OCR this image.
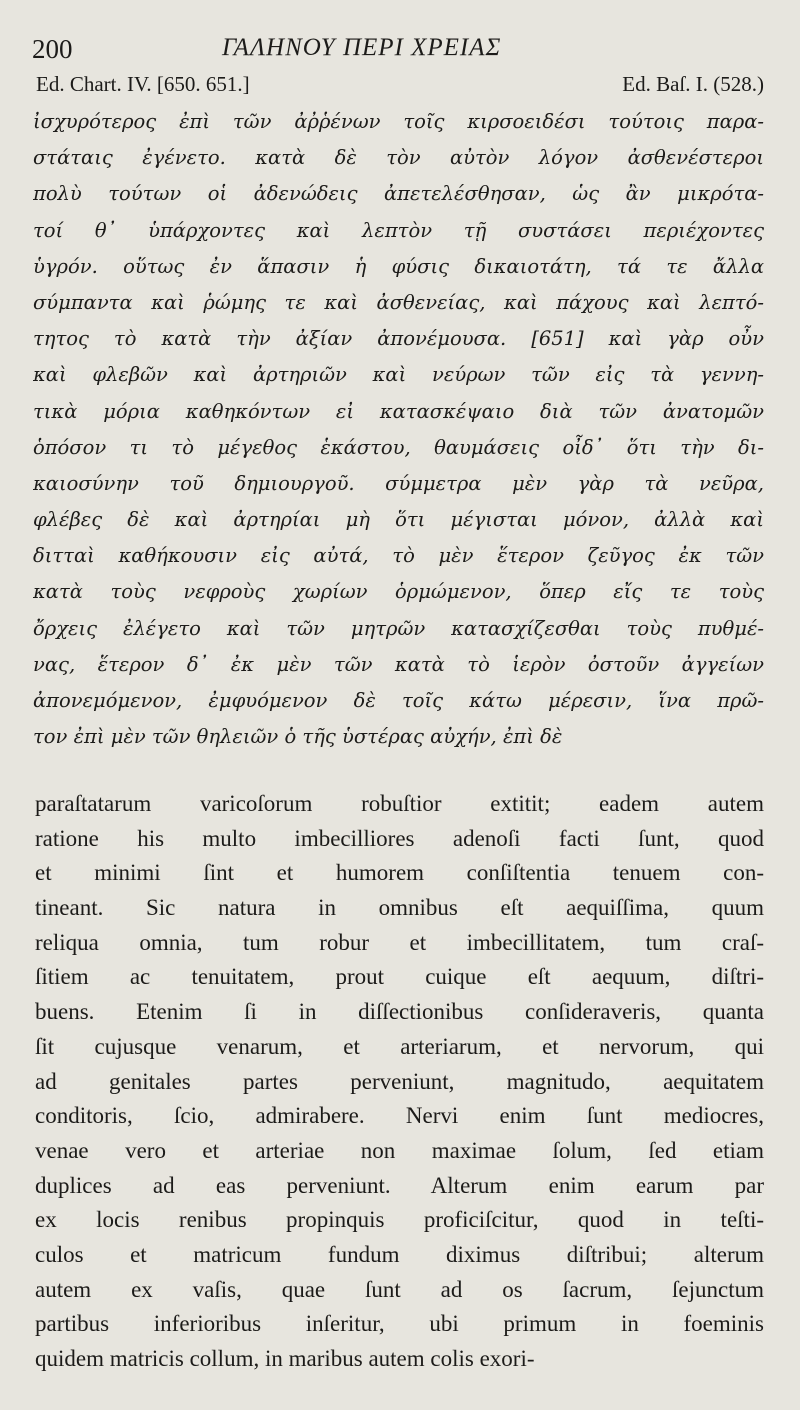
200	ΓΑΛΗΝΟΥ ΠΕΡΙ ΧΡΕΙΑΣ
Ed. Chart. IV. [650. 651.]	Ed. Baſ. I. (528.)
ἰσχυρότερος ἐπὶ τῶν ἀῤῥένων τοῖς κιρσοειδέσι τούτοις παρα-
στάταις ἐγένετο. κατὰ δὲ τὸν αὐτὸν λόγον ἀσθενέστεροι
πολὺ τούτων οἱ ἀδενώδεις ἀπετελέσθησαν, ὡς ἂν μικρότα-
τοί θ᾽ ὑπάρχοντες καὶ λεπτὸν τῇ συστάσει περιέχοντες
ὑγρόν. οὕτως ἐν ἅπασιν ἡ φύσις δικαιοτάτη, τά τε ἄλλα
σύμπαντα καὶ ῥώμης τε καὶ ἀσθενείας, καὶ πάχους καὶ λεπτό-
τητος τὸ κατὰ τὴν ἀξίαν ἀπονέμουσα. [651] καὶ γὰρ οὖν
καὶ φλεβῶν καὶ ἀρτηριῶν καὶ νεύρων τῶν εἰς τὰ γεννη-
τικὰ μόρια καθηκόντων εἰ κατασκέψαιο διὰ τῶν ἀνατομῶν
ὁπόσον τι τὸ μέγεθος ἑκάστου, θαυμάσεις οἶδ᾽ ὅτι τὴν δι-
καιοσύνην τοῦ δημιουργοῦ. σύμμετρα μὲν γὰρ τὰ νεῦρα,
φλέβες δὲ καὶ ἀρτηρίαι μὴ ὅτι μέγισται μόνον, ἀλλὰ καὶ
διτταὶ καθήκουσιν εἰς αὐτά, τὸ μὲν ἕτερον ζεῦγος ἐκ τῶν
κατὰ τοὺς νεφροὺς χωρίων ὁρμώμενον, ὅπερ εἴς τε τοὺς
ὄρχεις ἐλέγετο καὶ τῶν μητρῶν κατασχίζεσθαι τοὺς πυθμέ-
νας, ἕτερον δ᾽ ἐκ μὲν τῶν κατὰ τὸ ἱερὸν ὀστοῦν ἀγγείων
ἀπονεμόμενον, ἐμφυόμενον δὲ τοῖς κάτω μέρεσιν, ἵνα πρῶ-
τον ἐπὶ μὲν τῶν θηλειῶν ὁ τῆς ὑστέρας αὐχήν, ἐπὶ δὲ
paraſtatarum varicoſorum robuſtior extitit; eadem autem
ratione his multo imbecilliores adenoſi facti ſunt, quod
et minimi ſint et humorem conſiſtentia tenuem con-
tineant. Sic natura in omnibus eſt aequiſſima, quum
reliqua omnia, tum robur et imbecillitatem, tum craſ-
ſitiem ac tenuitatem, prout cuique eſt aequum, diſtri-
buens. Etenim ſi in diſſectionibus conſideraveris, quanta
ſit cujusque venarum, et arteriarum, et nervorum, qui
ad genitales partes perveniunt, magnitudo, aequitatem
conditoris, ſcio, admirabere. Nervi enim ſunt mediocres,
venae vero et arteriae non maximae ſolum, ſed etiam
duplices ad eas perveniunt. Alterum enim earum par
ex locis renibus propinquis proficiſcitur, quod in teſti-
culos et matricum fundum diximus diſtribui; alterum
autem ex vaſis, quae ſunt ad os ſacrum, ſejunctum
partibus inferioribus inſeritur, ubi primum in foeminis
quidem matricis collum, in maribus autem colis exori-
